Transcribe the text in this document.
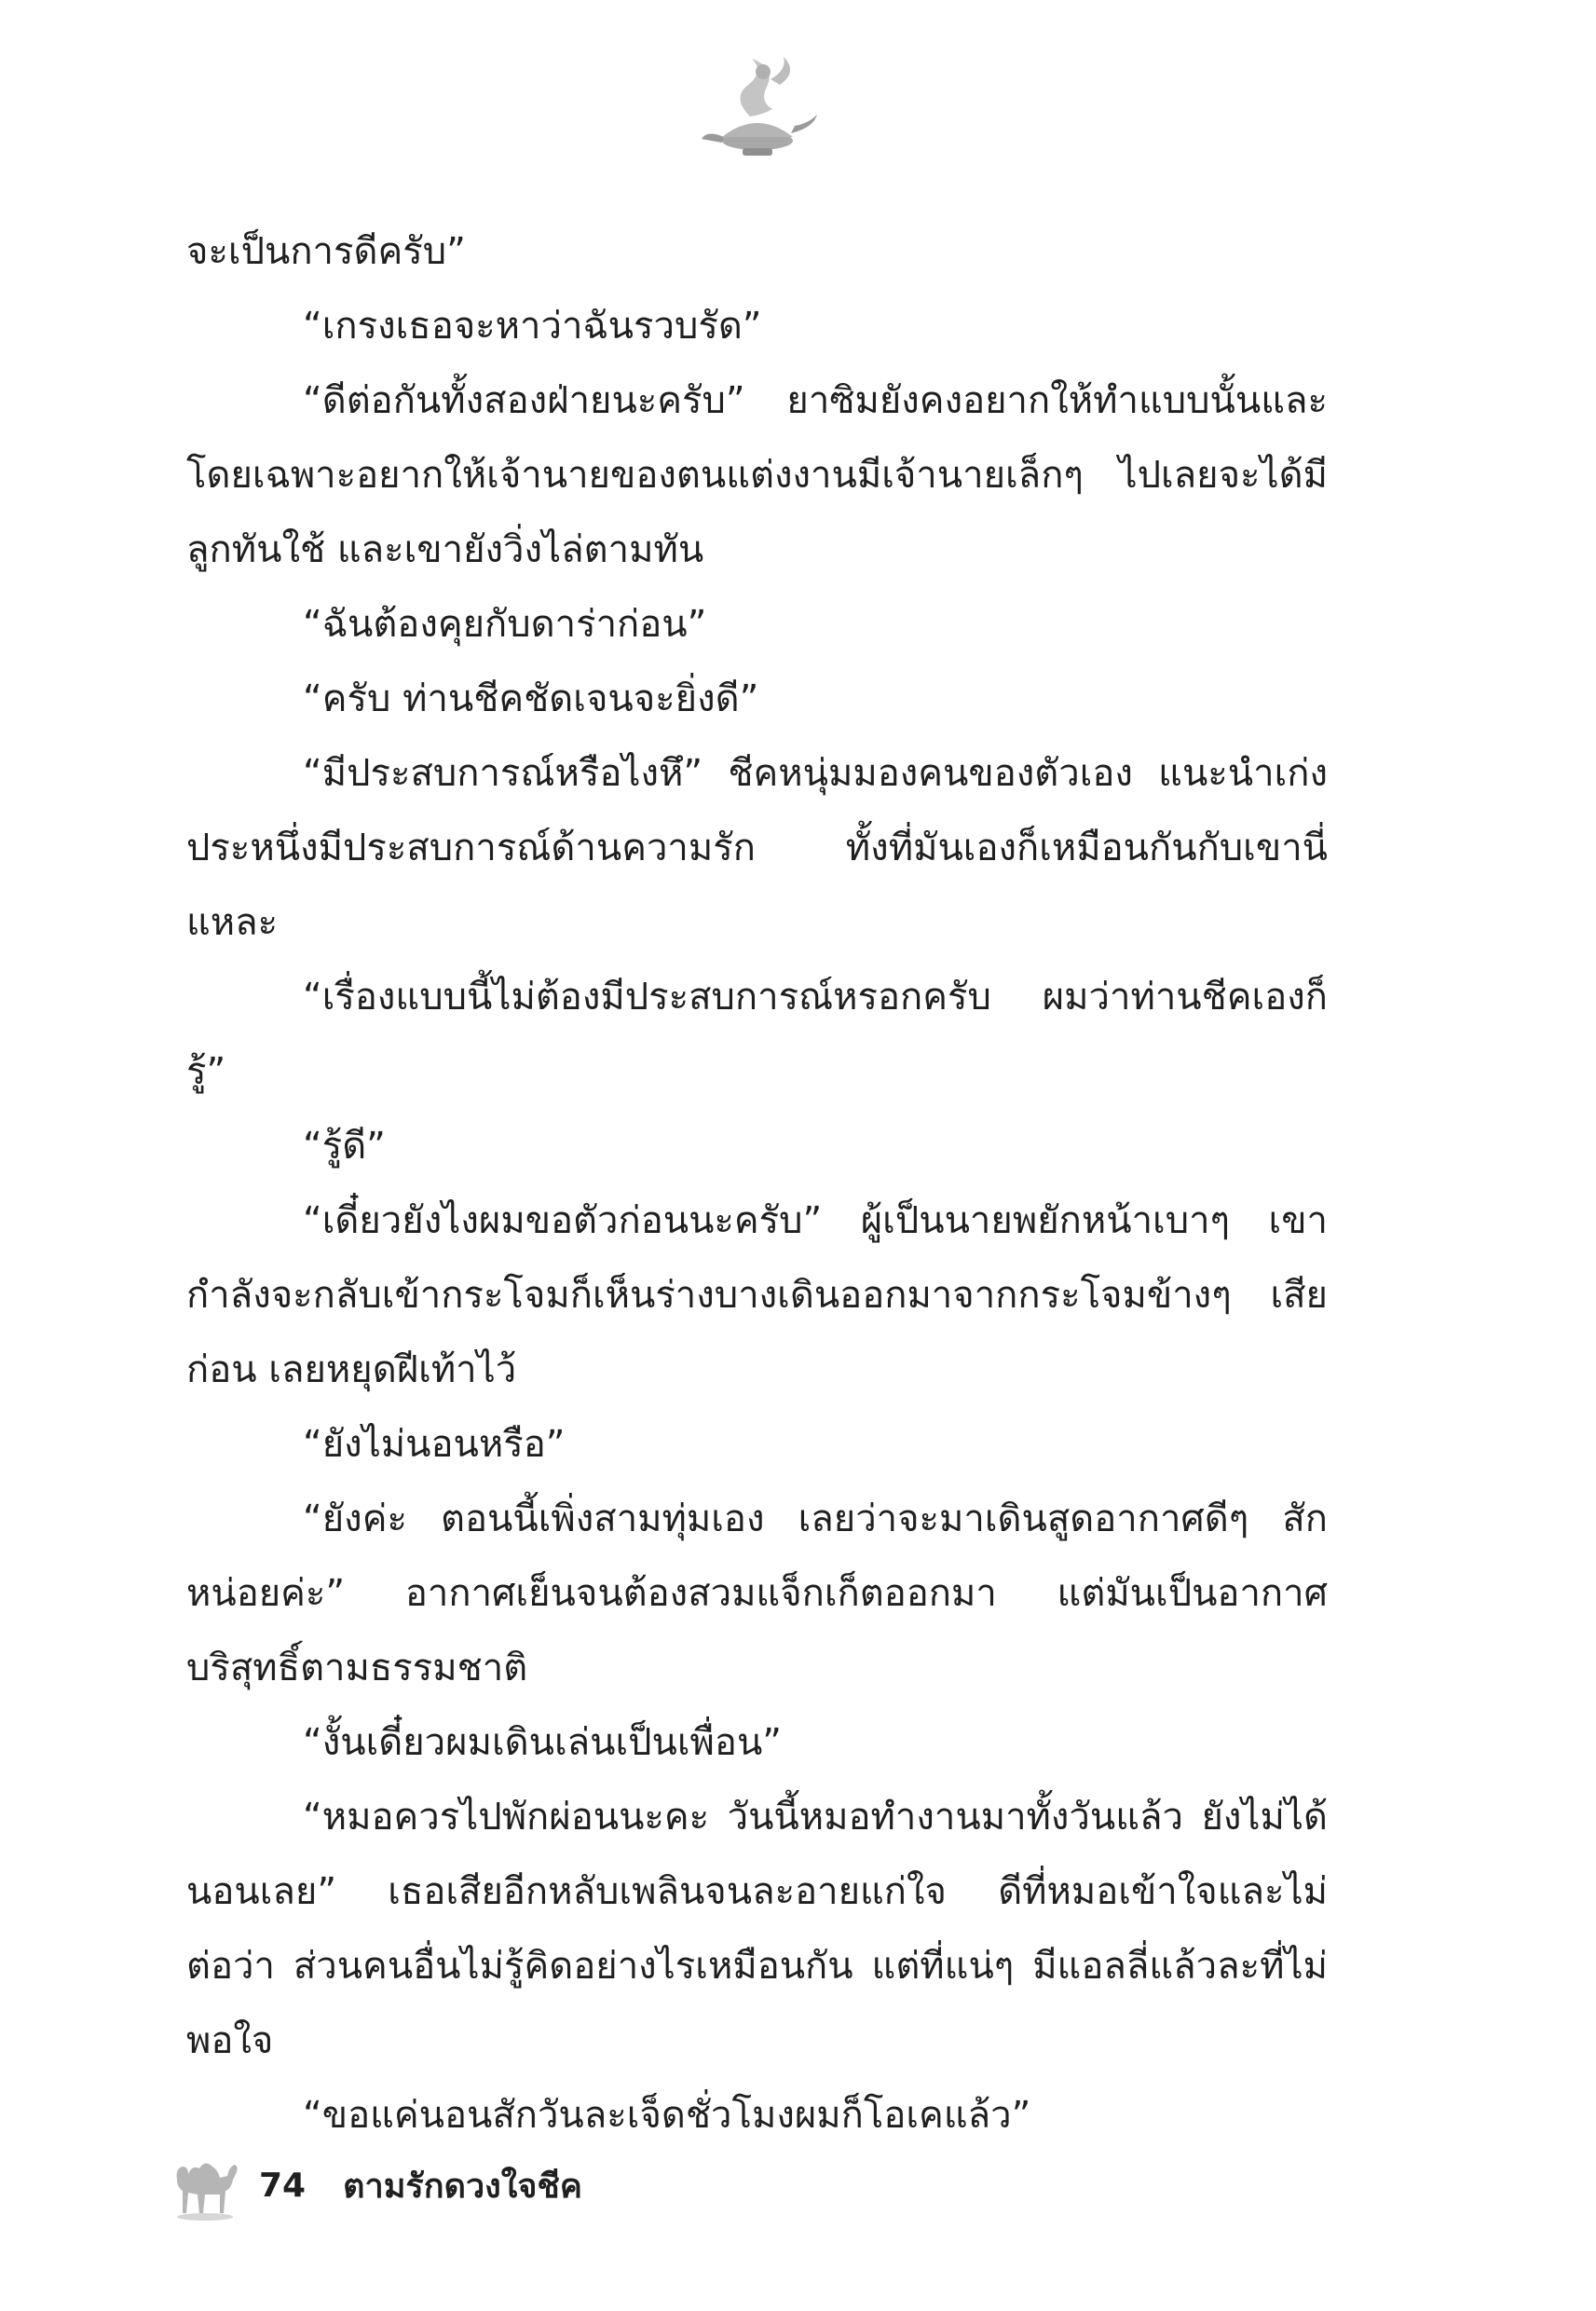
จะเป็นการดีครับ”

“เกรงเธอจะหาว่าฉันรวบรัด”

“ดีต่อกันทั้งสองฝ่ายนะครับ” ยาซิมยังคงอยากให้ทำแบบนั้นและโดยเฉพาะอยากให้เจ้านายของตนแต่งงานมีเจ้านายเล็กๆ ไปเลยจะได้มีลูกทันใช้ และเขายังวิ่งไล่ตามทัน

“ฉันต้องคุยกับดาร่าก่อน”

“ครับ ท่านชีคชัดเจนจะยิ่งดี”

“มีประสบการณ์หรือไงหึ” ชีคหนุ่มมองคนของตัวเอง แนะนำเก่งประหนึ่งมีประสบการณ์ด้านความรัก ทั้งที่มันเองก็เหมือนกันกับเขานี่แหละ

“เรื่องแบบนี้ไม่ต้องมีประสบการณ์หรอกครับ ผมว่าท่านชีคเองก็รู้”

“รู้ดี”

“เดี๋ยวยังไงผมขอตัวก่อนนะครับ” ผู้เป็นนายพยักหน้าเบาๆ เขากำลังจะกลับเข้ากระโจมก็เห็นร่างบางเดินออกมาจากกระโจมข้างๆ เสียก่อน เลยหยุดฝีเท้าไว้

“ยังไม่นอนหรือ”

“ยังค่ะ ตอนนี้เพิ่งสามทุ่มเอง เลยว่าจะมาเดินสูดอากาศดีๆ สักหน่อยค่ะ” อากาศเย็นจนต้องสวมแจ็กเก็ตออกมา แต่มันเป็นอากาศบริสุทธิ์ตามธรรมชาติ

“งั้นเดี๋ยวผมเดินเล่นเป็นเพื่อน”

“หมอควรไปพักผ่อนนะคะ วันนี้หมอทำงานมาทั้งวันแล้ว ยังไม่ได้นอนเลย” เธอเสียอีกหลับเพลินจนละอายแก่ใจ ดีที่หมอเข้าใจและไม่ต่อว่า ส่วนคนอื่นไม่รู้คิดอย่างไรเหมือนกัน แต่ที่แน่ๆ มีแอลลี่แล้วละที่ไม่พอใจ

“ขอแค่นอนสักวันละเจ็ดชั่วโมงผมก็โอเคแล้ว”

74 ตามรักดวงใจชีค
